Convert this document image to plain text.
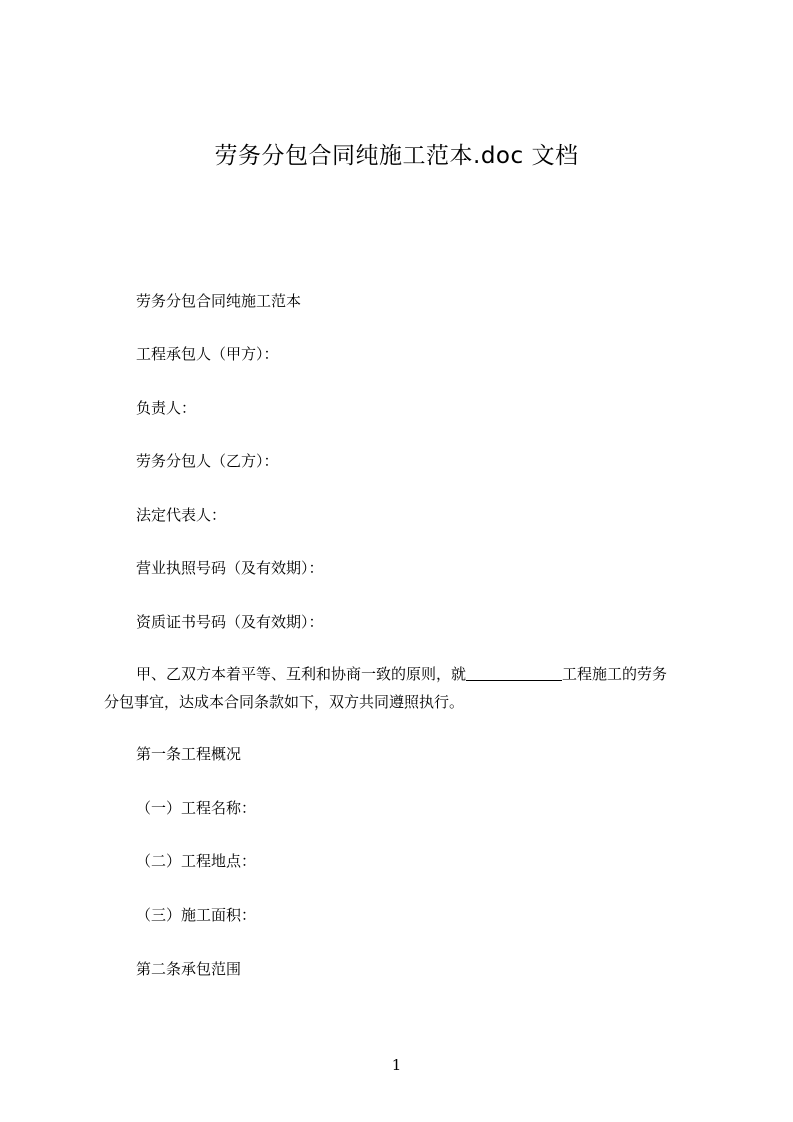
劳务分包合同纯施工范本.doc 文档
劳务分包合同纯施工范本
工程承包人（甲方）：
负责人：
劳务分包人（乙方）：
法定代表人：
营业执照号码（及有效期）：
资质证书号码（及有效期）：
甲、乙双方本着平等、互利和协商一致的原则，就	工程施工的劳务
分包事宜，达成本合同条款如下，双方共同遵照执行。
第一条工程概况
（一）工程名称：
（二）工程地点：
（三）施工面积：
第二条承包范围
1
